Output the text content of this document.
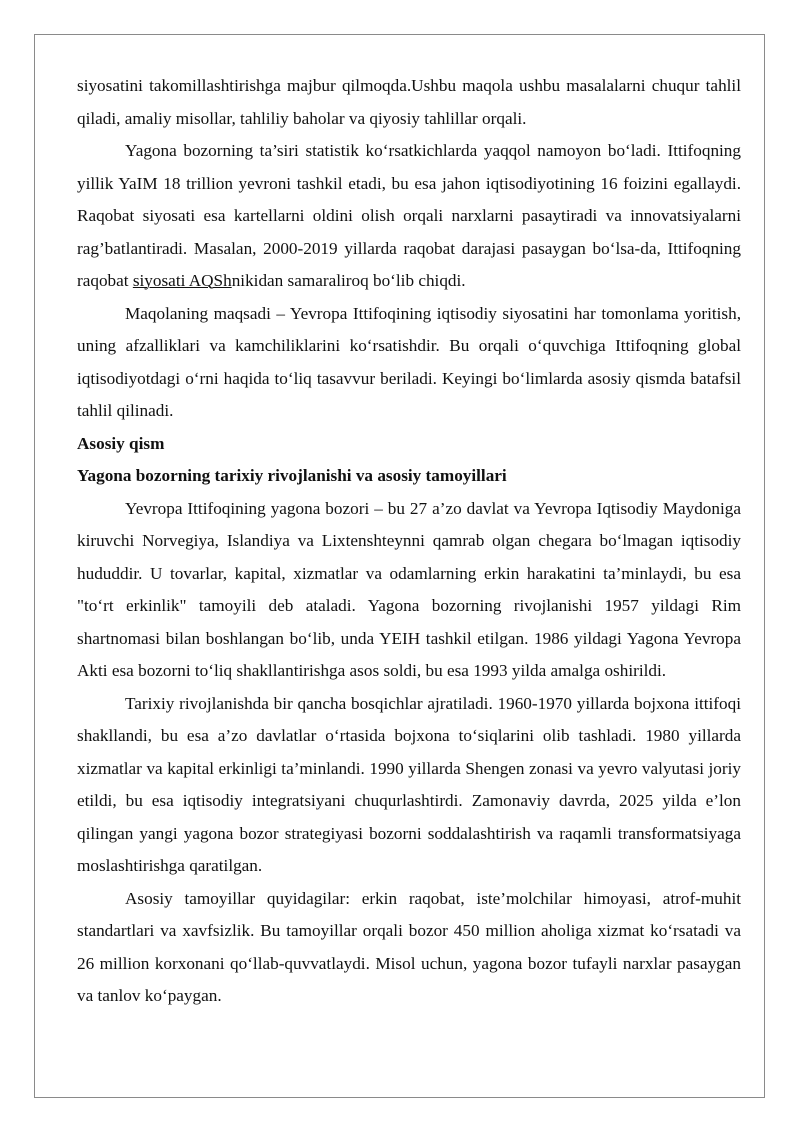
siyosatini takomillashtirishga majbur qilmoqda.Ushbu maqola ushbu masalalarni chuqur tahlil qiladi, amaliy misollar, tahliliy baholar va qiyosiy tahlillar orqali.

Yagona bozorning ta’siri statistik ko‘rsatkichlarda yaqqol namoyon bo‘ladi. Ittifoqning yillik YaIM 18 trillion yevroni tashkil etadi, bu esa jahon iqtisodiyotining 16 foizini egallaydi. Raqobat siyosati esa kartellarni oldini olish orqali narxlarni pasaytiradi va innovatsiyalarni rag’batlantiradi. Masalan, 2000-2019 yillarda raqobat darajasi pasaygan bo‘lsa-da, Ittifoqning raqobat siyosati AQShnikidan samaraliroq bo‘lib chiqdi.

Maqolaning maqsadi – Yevropa Ittifoqining iqtisodiy siyosatini har tomonlama yoritish, uning afzalliklari va kamchiliklarini ko‘rsatishdir. Bu orqali o‘quvchiga Ittifoqning global iqtisodiyotdagi o‘rni haqida to‘liq tasavvur beriladi. Keyingi bo‘limlarda asosiy qismda batafsil tahlil qilinadi.

Asosiy qism

Yagona bozorning tarixiy rivojlanishi va asosiy tamoyillari

Yevropa Ittifoqining yagona bozori – bu 27 a’zo davlat va Yevropa Iqtisodiy Maydoniga kiruvchi Norvegiya, Islandiya va Lixtenshteynni qamrab olgan chegara bo‘lmagan iqtisodiy hududdir. U tovarlar, kapital, xizmatlar va odamlarning erkin harakatini ta’minlaydi, bu esa "to‘rt erkinlik" tamoyili deb ataladi. Yagona bozorning rivojlanishi 1957 yildagi Rim shartnomasi bilan boshlangan bo‘lib, unda YEIH tashkil etilgan. 1986 yildagi Yagona Yevropa Akti esa bozorni to‘liq shakllantirishga asos soldi, bu esa 1993 yilda amalga oshirildi.

Tarixiy rivojlanishda bir qancha bosqichlar ajratiladi. 1960-1970 yillarda bojxona ittifoqi shakllandi, bu esa a’zo davlatlar o‘rtasida bojxona to‘siqlarini olib tashladi. 1980 yillarda xizmatlar va kapital erkinligi ta’minlandi. 1990 yillarda Shengen zonasi va yevro valyutasi joriy etildi, bu esa iqtisodiy integratsiyani chuqurlashtirdi. Zamonaviy davrda, 2025 yilda e’lon qilingan yangi yagona bozor strategiyasi bozorni soddalashtirish va raqamli transformatsiyaga moslashtirishga qaratilgan.

Asosiy tamoyillar quyidagilar: erkin raqobat, iste’molchilar himoyasi, atrof-muhit standartlari va xavfsizlik. Bu tamoyillar orqali bozor 450 million aholiga xizmat ko‘rsatadi va 26 million korxonani qo‘llab-quvvatlaydi. Misol uchun, yagona bozor tufayli narxlar pasaygan va tanlov ko‘paygan.
